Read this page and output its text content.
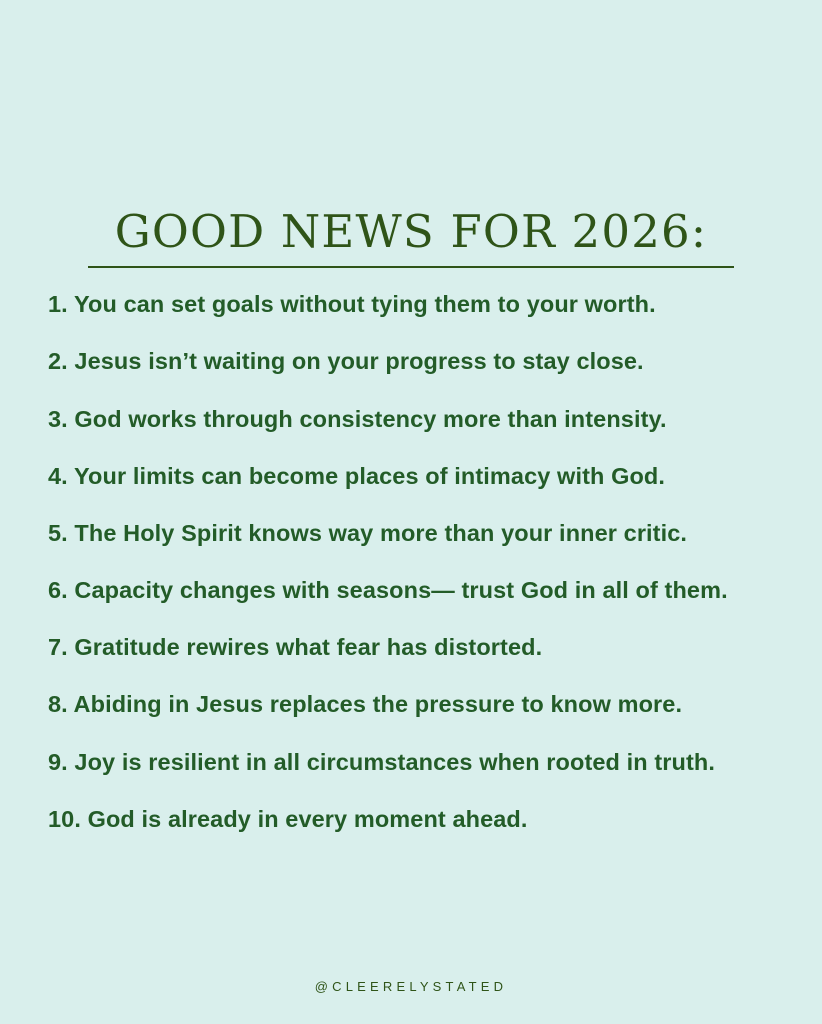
GOOD NEWS FOR 2026:
1. You can set goals without tying them to your worth.
2. Jesus isn’t waiting on your progress to stay close.
3. God works through consistency more than intensity.
4. Your limits can become places of intimacy with God.
5. The Holy Spirit knows way more than your inner critic.
6. Capacity changes with seasons— trust God in all of them.
7. Gratitude rewires what fear has distorted.
8. Abiding in Jesus replaces the pressure to know more.
9. Joy is resilient in all circumstances when rooted in truth.
10. God is already in every moment ahead.
@CLEERELYSTATED
